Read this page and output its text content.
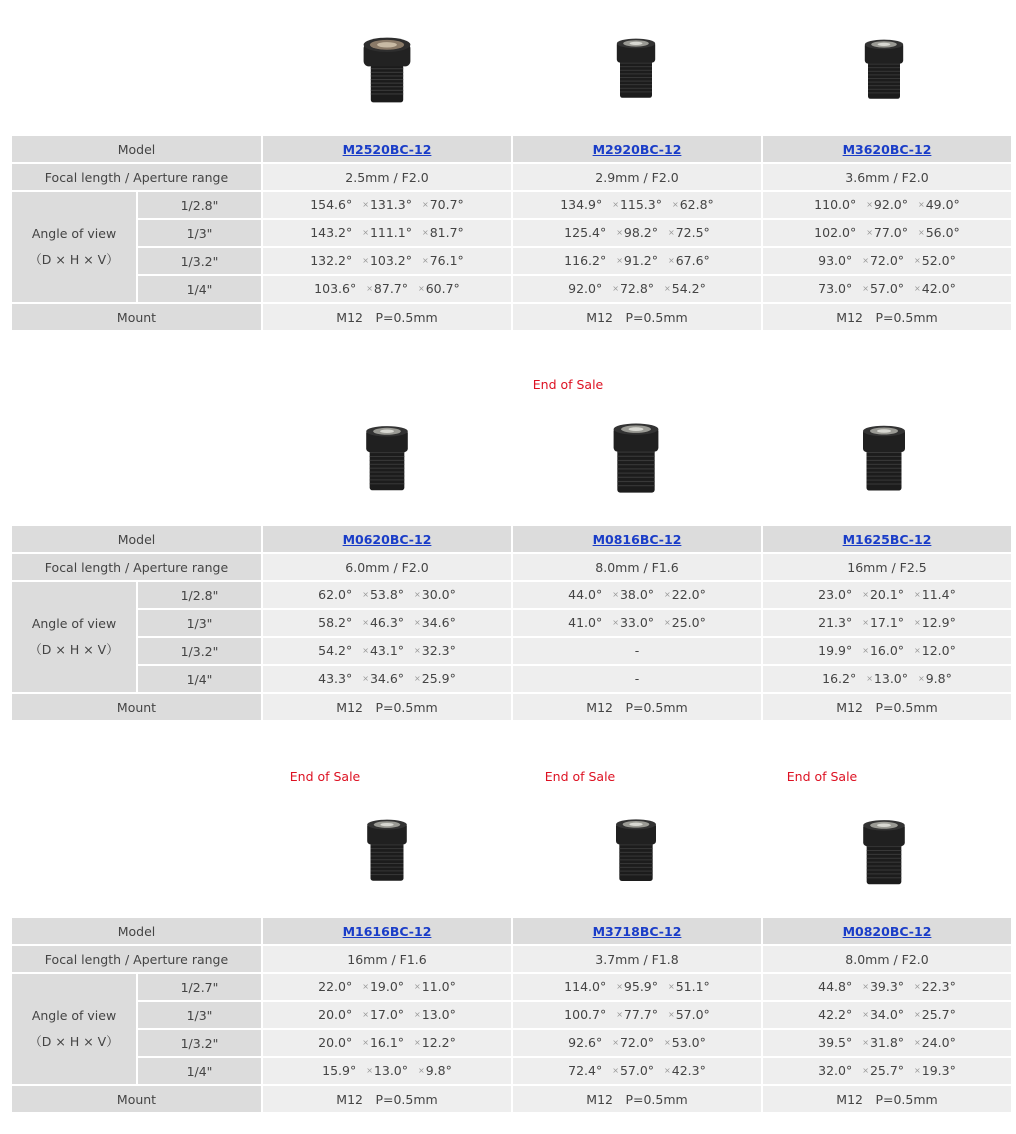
Model		M2520BC-12	M2920BC-12	M3620BC-12
Focal length / Aperture range		2.5mm / F2.0	2.9mm / F2.0	3.6mm / F2.0

Angle of view
（D × H × V）	1/2.8"	154.6° ×131.3° ×70.7°	134.9° ×115.3° ×62.8°	110.0° ×92.0° ×49.0°
	1/3"	143.2° ×111.1° ×81.7°	125.4° ×98.2° ×72.5°	102.0° ×77.0° ×56.0°
	1/3.2"	132.2° ×103.2° ×76.1°	116.2° ×91.2° ×67.6°	93.0° ×72.0° ×52.0°
	1/4"	103.6° ×87.7° ×60.7°	92.0° ×72.8° ×54.2°	73.0° ×57.0° ×42.0°
Mount		M12　P=0.5mm	M12　P=0.5mm	M12　P=0.5mm
End of Sale
Model		M0620BC-12	M0816BC-12	M1625BC-12
Focal length / Aperture range		6.0mm / F2.0	8.0mm / F1.6	16mm / F2.5

Angle of view
（D × H × V）	1/2.8"	62.0° ×53.8° ×30.0°	44.0° ×38.0° ×22.0°	23.0° ×20.1° ×11.4°
	1/3"	58.2° ×46.3° ×34.6°	41.0° ×33.0° ×25.0°	21.3° ×17.1° ×12.9°
	1/3.2"	54.2° ×43.1° ×32.3°	-	19.9° ×16.0° ×12.0°
	1/4"	43.3° ×34.6° ×25.9°	-	16.2° ×13.0° ×9.8°
Mount		M12　P=0.5mm	M12　P=0.5mm	M12　P=0.5mm
End of Sale	End of Sale	End of Sale
Model		M1616BC-12	M3718BC-12	M0820BC-12
Focal length / Aperture range		16mm / F1.6	3.7mm / F1.8	8.0mm / F2.0

Angle of view
（D × H × V）	1/2.7"	22.0° ×19.0° ×11.0°	114.0° ×95.9° ×51.1°	44.8° ×39.3° ×22.3°
	1/3"	20.0° ×17.0° ×13.0°	100.7° ×77.7° ×57.0°	42.2° ×34.0° ×25.7°
	1/3.2"	20.0° ×16.1° ×12.2°	92.6° ×72.0° ×53.0°	39.5° ×31.8° ×24.0°
	1/4"	15.9° ×13.0° ×9.8°	72.4° ×57.0° ×42.3°	32.0° ×25.7° ×19.3°
Mount		M12　P=0.5mm	M12　P=0.5mm	M12　P=0.5mm
